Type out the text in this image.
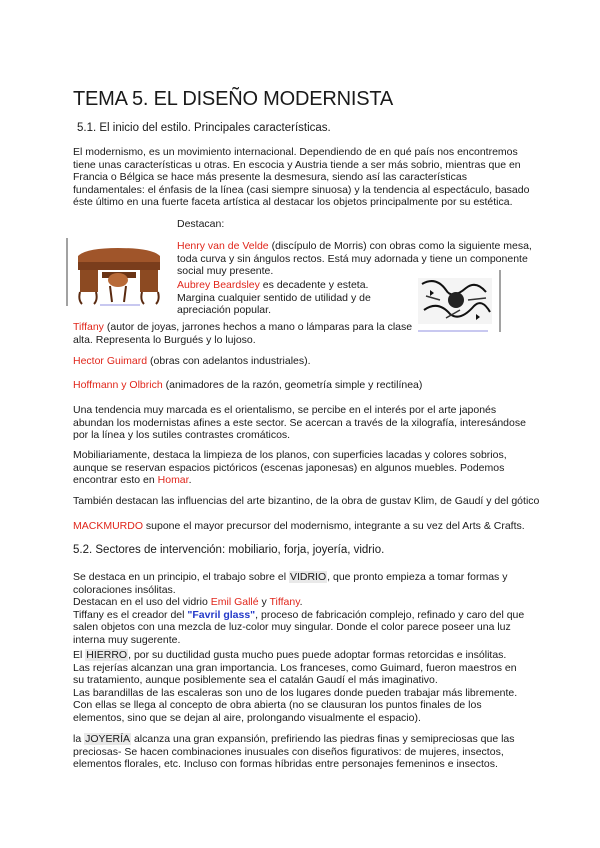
TEMA 5. EL DISEÑO MODERNISTA
5.1. El inicio del estilo. Principales características.
El modernismo, es un movimiento internacional. Dependiendo de en qué país nos encontremos tiene unas características u otras. En escocia y Austria tiende a ser más sobrio, mientras que en Francia o Bélgica se hace más presente la desmesura, siendo así las características fundamentales: el énfasis de la línea (casi siempre sinuosa) y la tendencia al espectáculo, basado éste último en una fuerte faceta artística al destacar los objetos principalmente por su estética.
Destacan:
Henry van de Velde (discípulo de Morris) con obras como la siguiente mesa, toda curva y sin ángulos rectos. Está muy adornada y tiene un componente social muy presente.
Aubrey Beardsley es decadente y esteta. Margina cualquier sentido de utilidad y de apreciación popular.
Tiffany (autor de joyas, jarrones hechos a mano o lámparas para la clase alta. Representa lo Burgués y lo lujoso.
Hector Guimard (obras con adelantos industriales).
Hoffmann y Olbrich (animadores de la razón, geometría simple y rectilínea)
Una tendencia muy marcada es el orientalismo, se percibe en el interés por el arte japonés abundan los modernistas afines a este sector. Se acercan a través de la xilografía, interesándose por la línea y los sutiles contrastes cromáticos.
Mobiliariamente, destaca la limpieza de los planos, con superficies lacadas y colores sobrios, aunque se reservan espacios pictóricos (escenas japonesas) en algunos muebles. Podemos encontrar esto en Homar.
También destacan las influencias del arte bizantino, de la obra de gustav Klim, de Gaudí y del gótico
MACKMURDO supone el mayor precursor del modernismo, integrante a su vez del Arts & Crafts.
5.2. Sectores de intervención: mobiliario, forja, joyería, vidrio.
Se destaca en un principio, el trabajo sobre el VIDRIO, que pronto empieza a tomar formas y coloraciones insólitas.
Destacan en el uso del vidrio Emil Gallé y Tiffany.
Tiffany es el creador del "Favril glass", proceso de fabricación complejo, refinado y caro del que salen objetos con una mezcla de luz-color muy singular. Donde el color parece poseer una luz interna muy sugerente.
El HIERRO, por su ductilidad gusta mucho pues puede adoptar formas retorcidas e insólitas.
Las rejerías alcanzan una gran importancia. Los franceses, como Guimard, fueron maestros en su tratamiento, aunque posiblemente sea el catalán Gaudí el más imaginativo.
Las barandillas de las escaleras son uno de los lugares donde pueden trabajar más libremente. Con ellas se llega al concepto de obra abierta (no se clausuran los puntos finales de los elementos, sino que se dejan al aire, prolongando visualmente el espacio).
la JOYERÍA alcanza una gran expansión, prefiriendo las piedras finas y semipreciosas que las preciosas- Se hacen combinaciones inusuales con diseños figurativos: de mujeres, insectos, elementos florales, etc. Incluso con formas híbridas entre personajes femeninos e insectos.
